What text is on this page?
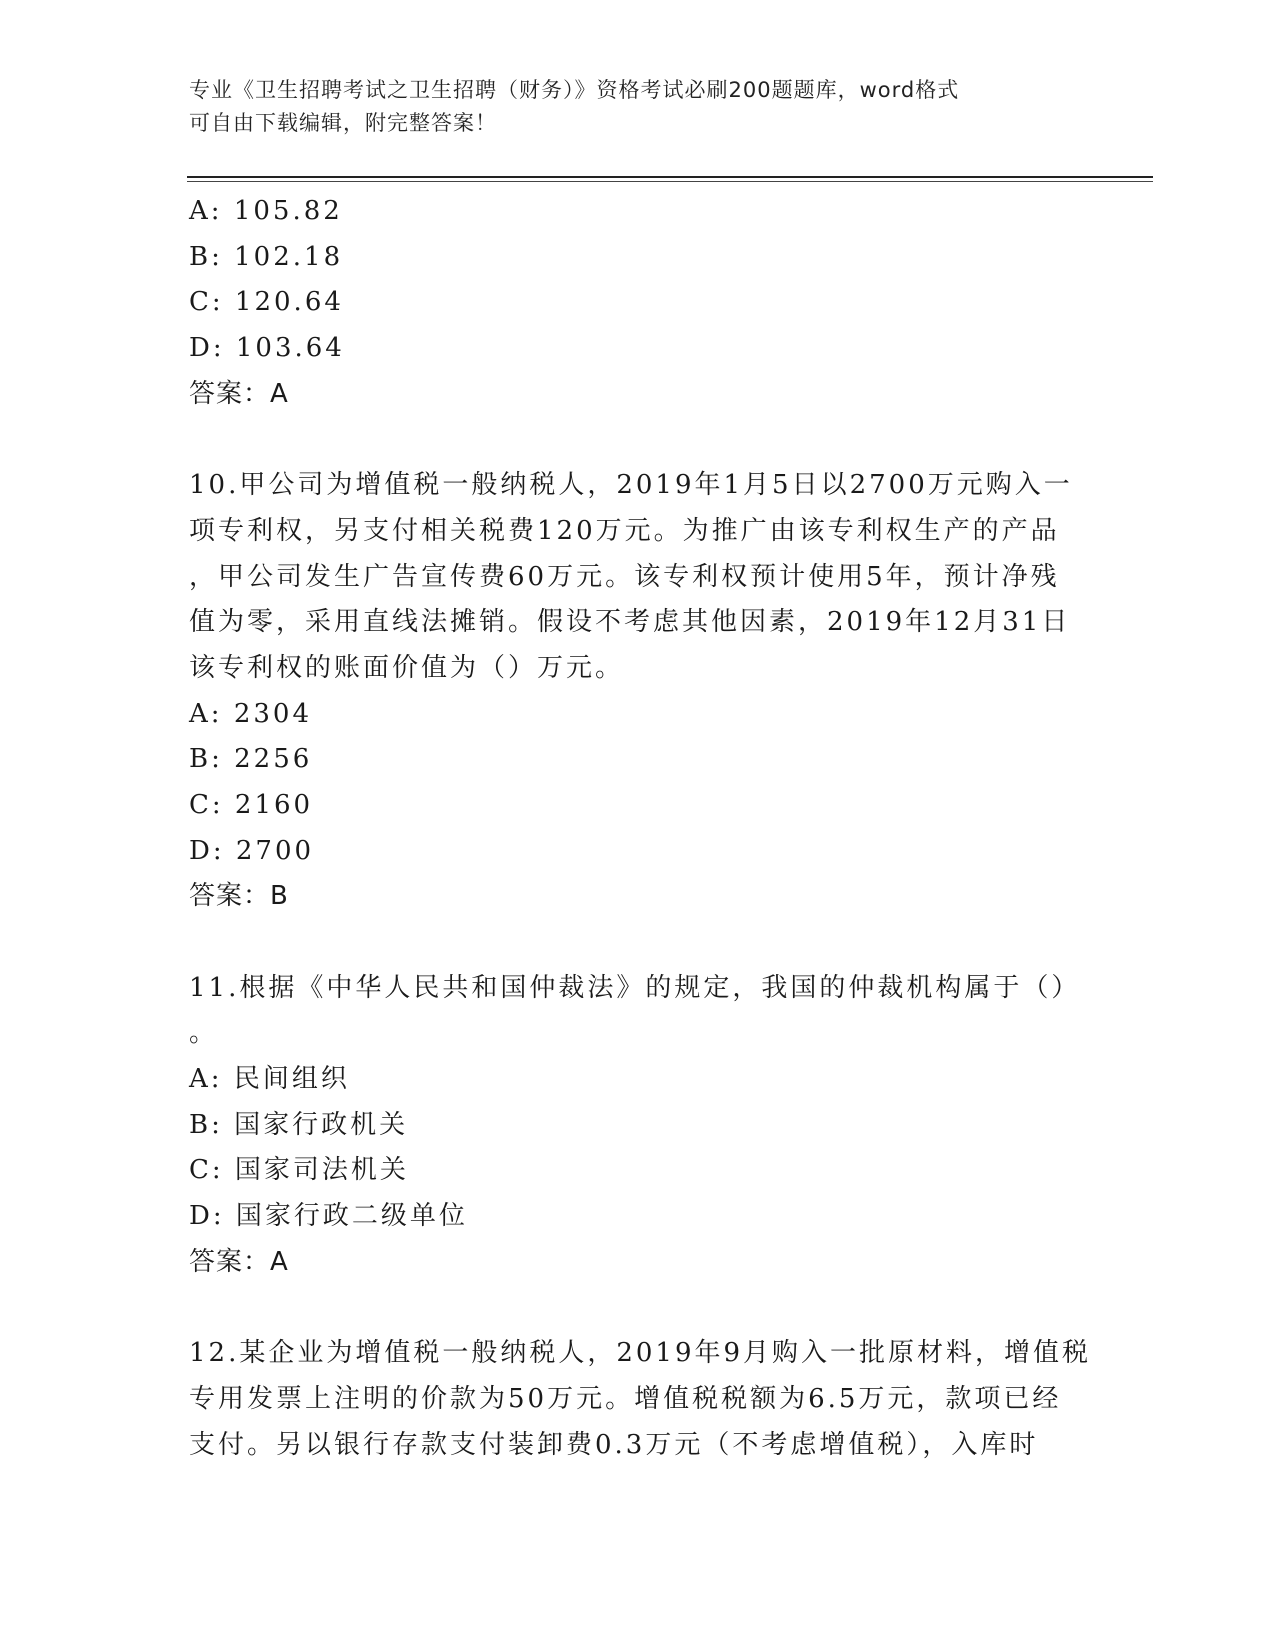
专业《卫生招聘考试之卫生招聘（财务）》资格考试必刷200题题库，word格式
可自由下载编辑，附完整答案！
A: 105.82
B: 102.18
C: 120.64
D: 103.64
答案：A
10.甲公司为增值税一般纳税人，2019年1月5日以2700万元购入一
项专利权，另支付相关税费120万元。为推广由该专利权生产的产品
，甲公司发生广告宣传费60万元。该专利权预计使用5年，预计净残
值为零，采用直线法摊销。假设不考虑其他因素，2019年12月31日
该专利权的账面价值为（）万元。
A: 2304
B: 2256
C: 2160
D: 2700
答案：B
11.根据《中华人民共和国仲裁法》的规定，我国的仲裁机构属于（）
。
A: 民间组织
B: 国家行政机关
C: 国家司法机关
D: 国家行政二级单位
答案：A
12.某企业为增值税一般纳税人，2019年9月购入一批原材料，增值税
专用发票上注明的价款为50万元。增值税税额为6.5万元，款项已经
支付。另以银行存款支付装卸费0.3万元（不考虑增值税），入库时
